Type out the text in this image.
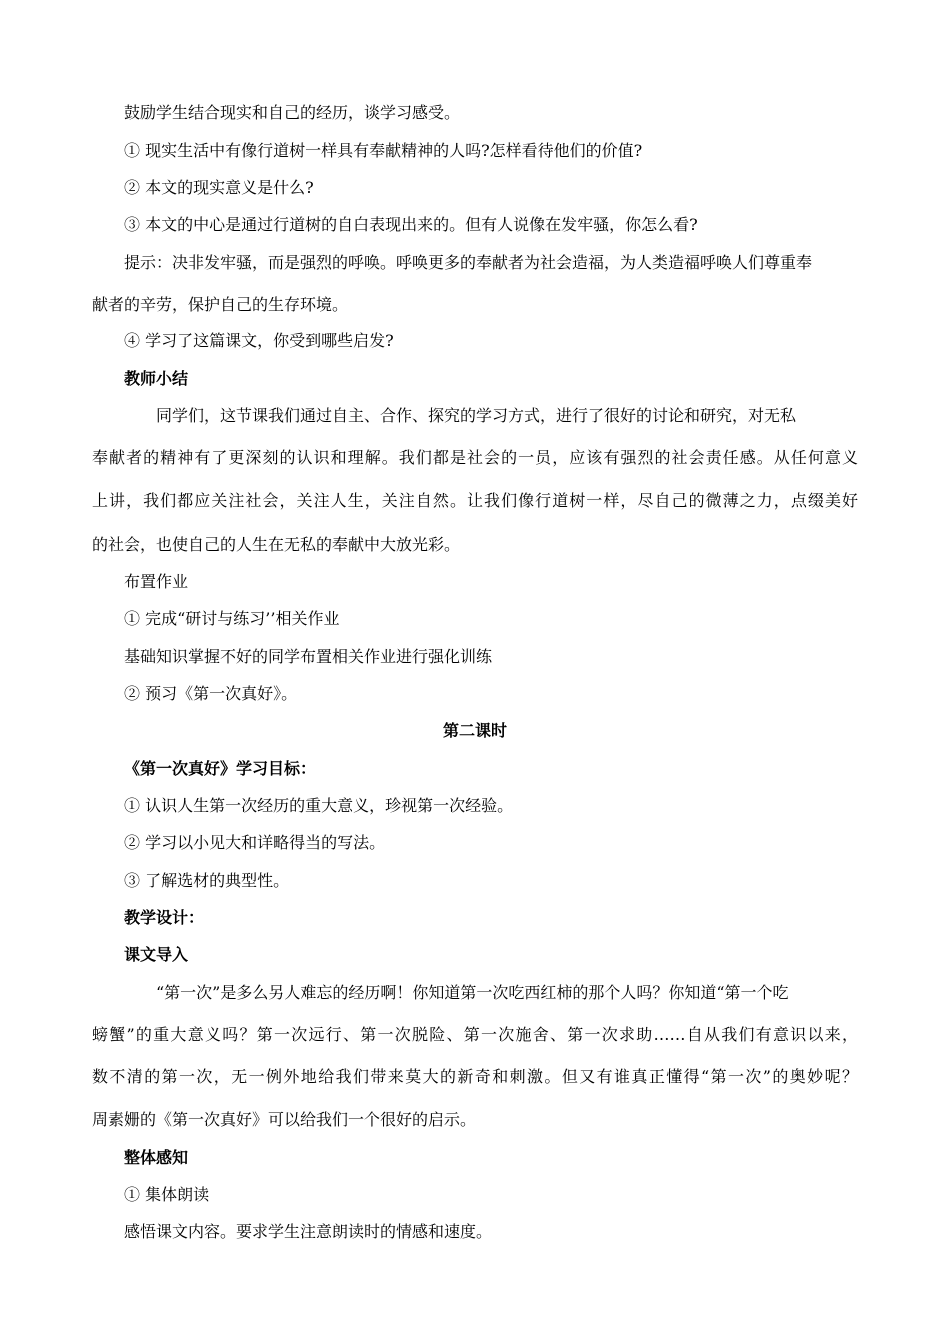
鼓励学生结合现实和自己的经历，谈学习感受。
① 现实生活中有像行道树一样具有奉献精神的人吗?怎样看待他们的价值?
② 本文的现实意义是什么?
③ 本文的中心是通过行道树的自白表现出来的。但有人说像在发牢骚，你怎么看?
提示：决非发牢骚，而是强烈的呼唤。呼唤更多的奉献者为社会造福，为人类造福呼唤人们尊重奉
献者的辛劳，保护自己的生存环境。
④ 学习了这篇课文，你受到哪些启发?
教师小结
同学们，这节课我们通过自主、合作、探究的学习方式，进行了很好的讨论和研究，对无私
奉献者的精神有了更深刻的认识和理解。我们都是社会的一员，应该有强烈的社会责任感。从任何意义
上讲，我们都应关注社会，关注人生，关注自然。让我们像行道树一样，尽自己的微薄之力，点缀美好
的社会，也使自己的人生在无私的奉献中大放光彩。
布置作业
① 完成“研讨与练习’’相关作业
基础知识掌握不好的同学布置相关作业进行强化训练
② 预习《第一次真好》。
第二课时
《第一次真好》学习目标：
① 认识人生第一次经历的重大意义，珍视第一次经验。
② 学习以小见大和详略得当的写法。
③ 了解选材的典型性。
教学设计：
课文导入
“第一次”是多么另人难忘的经历啊！你知道第一次吃西红柿的那个人吗？你知道“第一个吃
螃蟹”的重大意义吗？第一次远行、第一次脱险、第一次施舍、第一次求助……自从我们有意识以来，
数不清的第一次，无一例外地给我们带来莫大的新奇和刺激。但又有谁真正懂得“第一次”的奥妙呢？
周素姗的《第一次真好》可以给我们一个很好的启示。
整体感知
① 集体朗读
感悟课文内容。要求学生注意朗读时的情感和速度。
